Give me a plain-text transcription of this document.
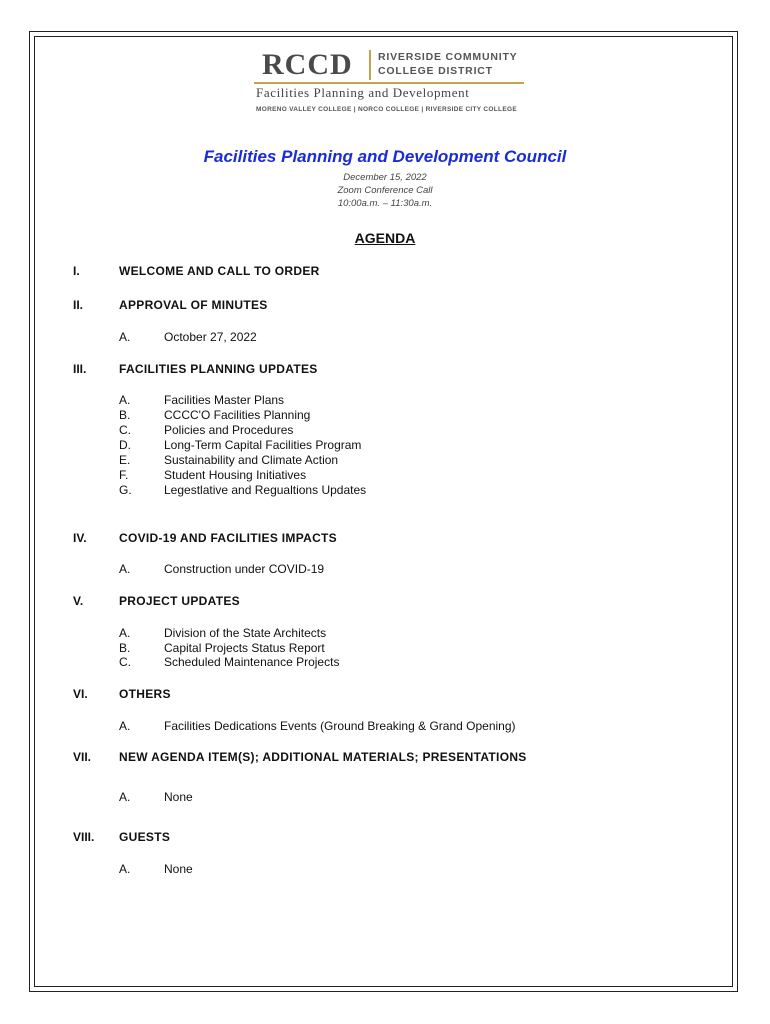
RCCD RIVERSIDE COMMUNITY
COLLEGE DISTRICT
Facilities Planning and Development
MORENO VALLEY COLLEGE | NORCO COLLEGE | RIVERSIDE CITY COLLEGE
Facilities Planning and Development Council
December 15, 2022
Zoom Conference Call
10:00a.m. – 11:30a.m.
AGENDA
I.	WELCOME AND CALL TO ORDER
II.	APPROVAL OF MINUTES
A.	October 27, 2022
III.	FACILITIES PLANNING UPDATES
A.	Facilities Master Plans
B.	CCCC'O Facilities Planning
C.	Policies and Procedures
D.	Long-Term Capital Facilities Program
E.	Sustainability and Climate Action
F.	Student Housing Initiatives
G.	Legestlative and Regualtions Updates
IV.	COVID-19 AND FACILITIES IMPACTS
A.	Construction under COVID-19
V.	PROJECT UPDATES
A.	Division of the State Architects
B.	Capital Projects Status Report
C.	Scheduled Maintenance Projects
VI.	OTHERS
A.	Facilities Dedications Events (Ground Breaking & Grand Opening)
VII. NEW AGENDA ITEM(S); ADDITIONAL MATERIALS; PRESENTATIONS
A.	None
VIII. GUESTS
A.	None
